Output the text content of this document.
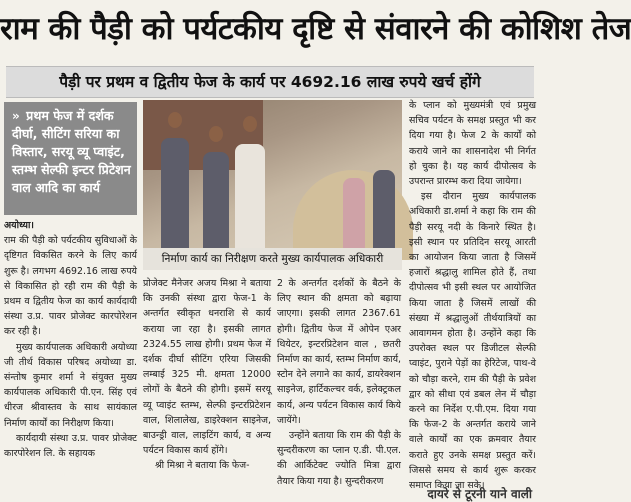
राम की पैड़ी को पर्यटकीय दृष्टि से संवारने की कोशिश तेज
पैड़ी पर प्रथम व द्वितीय फेज के कार्य पर 4692.16 लाख रुपये खर्च होंगे
» प्रथम फेज में दर्शक दीर्घा, सीटिंग सरिया का विस्तार, सरयू व्यू प्वाइंट, स्तम्भ सेल्फी इन्टर प्रिटेशन वाल आदि का कार्य

अयोध्या।

राम की पैड़ी को पर्यटकीय सुविधाओं के दृष्टिगत विकसित करने के लिए कार्य शुरू है। लगभग 4692.16 लाख रुपये से विकासित हो रही राम की पैड़ी के प्रथम व द्वितीय फेज का कार्य कार्यदायी संस्था उ.प्र. पावर प्रोजेक्ट कारपोरेशन कर रही है।

मुख्य कार्यपालक अधिकारी अयोध्या जी तीर्थ विकास परिषद अयोध्या डा. संन्तोष कुमार शर्मा ने संयुक्त मुख्य कार्यपालक अधिकारी पी.एन. सिंह एवं धीरज श्रीवास्तव के साथ सायंकाल निर्माण कार्यों का निरीक्षण किया।

कार्यदायी संस्था उ.प्र. पावर प्रोजेक्ट कारपोरेशन लि. के सहायक

निर्माण कार्य का निरीक्षण करते मुख्य कार्यपालक अधिकारी

प्रोजेक्ट मैनेजर अजय मिश्रा ने बताया कि उनकी संस्था द्वारा फेज-1 के अन्तर्गत स्वीकृत धनराशि से कार्य कराया जा रहा है। इसकी लागत 2324.55 लाख होगी। प्रथम फेज में दर्शक दीर्घा सीटिंग एरिया जिसकी लम्बाई 325 मी. क्षमता 12000 लोगों के बैठने की होगी। इसमें सरयू व्यू प्वाइंट स्तम्भ, सेल्फी इन्टरप्रिटेशन वाल, शिलालेख, डाइरेक्शन साइनेज, बाउन्ड्री वाल, लाइटिंग कार्य, व अन्य पर्यटन विकास कार्य होंगे।

श्री मिश्रा ने बताया कि फेज-

2 के अन्तर्गत दर्शकों के बैठने के लिए स्थान की क्षमता को बढ़ाया जाएगा। इसकी लागत 2367.61 होगी। द्वितीय फेज में ओपेन एअर थियेटर, इन्टरप्रिटेशन वाल , छतरी निर्माण का कार्य, स्तम्भ निर्माण कार्य, स्टोन देने लगाने का कार्य, डायरेक्शन साइनेज, हार्टिकल्चर वर्क, इलेक्ट्रकल कार्य, अन्य पर्यटन विकास कार्य किये जायेंगे।

उन्होंने बताया कि राम की पैड़ी के सुन्दरीकरण का प्लान ए.डी. पी.एल. की आर्किटेक्ट ज्योति मित्रा द्वारा तैयार किया गया है। सुन्दरीकरण

के प्लान को मुख्यमंत्री एवं प्रमुख सचिव पर्यटन के समक्ष प्रस्तुत भी कर दिया गया है। फेज 2 के कार्यों को कराये जाने का शासनादेश भी निर्गत हो चुका है। यह कार्य दीपोत्सव के उपरान्त प्रारम्भ करा दिया जायेगा।

इस दौरान मुख्य कार्यपालक अधिकारी डा.शर्मा ने कहा कि राम की पैड़ी सरयू नदी के किनारे स्थित है। इसी स्थान पर प्रतिदिन सरयू आरती का आयोजन किया जाता है जिसमें हजारों श्रद्धालु शामिल होते हैं, तथा दीपोत्सव भी इसी स्थल पर आयोजित किया जाता है जिसमें लाखों की संख्या में श्रद्धालुओं तीर्थयात्रियों का आवागमन होता है। उन्होंने कहा कि उपरोक्त स्थल पर डिजीटल सेल्फी प्वाइंट, पुराने पेड़ों का हेरिटेज, पाथ-वे को चौड़ा करने, राम की पैड़ी के प्रवेश द्वार को सीधा एवं डबल लेन में चौड़ा करने का निर्देश ए.पी.एम. दिया गया कि फेज-2 के अन्तर्गत कराये जाने वाले कार्यों का एक क्रमवार तैयार कराते हुए उनके समक्ष प्रस्तुत करें। जिससे समय से कार्य शुरू करकर समाप्त किया जा सके।

दायरे से टूरनी याने वाली
